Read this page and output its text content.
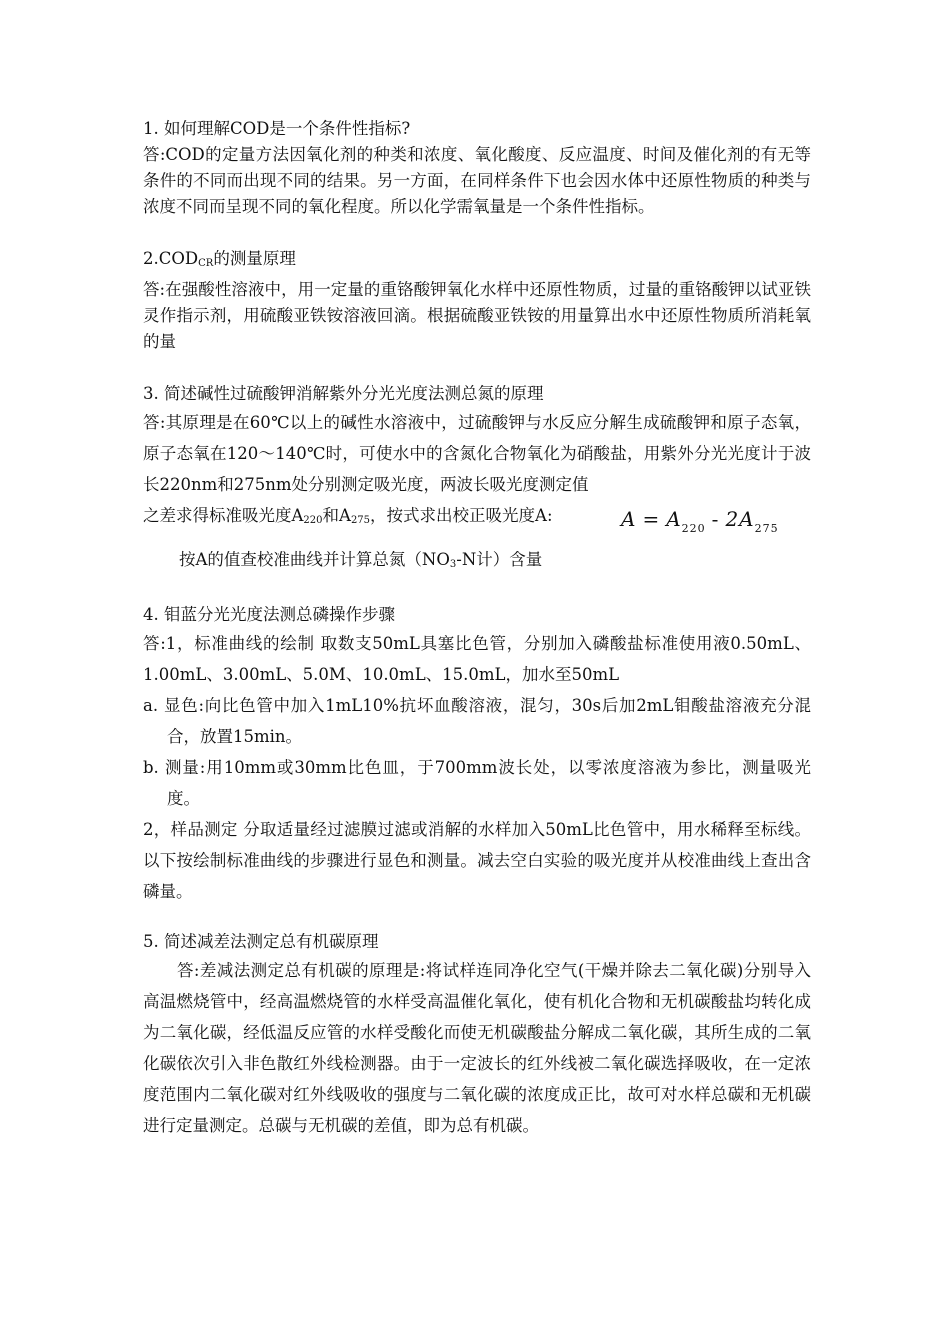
1. 如何理解COD是一个条件性指标?

答:COD的定量方法因氧化剂的种类和浓度、氧化酸度、反应温度、时间及催化剂的有无等条件的不同而出现不同的结果。另一方面，在同样条件下也会因水体中还原性物质的种类与浓度不同而呈现不同的氧化程度。所以化学需氧量是一个条件性指标。

$2.COD_{CR}$的测量原理

答:在强酸性溶液中，用一定量的重铬酸钾氧化水样中还原性物质，过量的重铬酸钾以试亚铁灵作指示剂，用硫酸亚铁铵溶液回滴。根据硫酸亚铁铵的用量算出水中还原性物质所消耗氧的量

3. 简述碱性过硫酸钾消解紫外分光光度法测总氮的原理

答:其原理是在60℃以上的碱性水溶液中，过硫酸钾与水反应分解生成硫酸钾和原子态氧，原子态氧在120～140℃时，可使水中的含氮化合物氧化为硝酸盐，用紫外分光光度计于波长220nm和275nm处分别测定吸光度，两波长吸光度测定值

之差求得标准吸光度$A_{220}$和$A_{275}$，按式求出校正吸光度A:	$A = A_{220} - 2A_{275}$

按A的值查校准曲线并计算总氮（$NO_3-N$计）含量

4. 钼蓝分光光度法测总磷操作步骤

答:1，标准曲线的绘制 取数支50mL具塞比色管，分别加入磷酸盐标准使用液0.50mL、1.00mL、3.00mL、5.0M、10.0mL、15.0mL，加水至50mL

a. 显色:向比色管中加入1mL10%抗坏血酸溶液，混匀，30s后加2mL钼酸盐溶液充分混合，放置15min。

b. 测量:用10mm或30mm比色皿，于700mm波长处，以零浓度溶液为参比，测量吸光度。

2，样品测定 分取适量经过滤膜过滤或消解的水样加入50mL比色管中，用水稀释至标线。以下按绘制标准曲线的步骤进行显色和测量。减去空白实验的吸光度并从校准曲线上查出含磷量。

5. 简述减差法测定总有机碳原理

答:差减法测定总有机碳的原理是:将试样连同净化空气(干燥并除去二氧化碳)分别导入高温燃烧管中，经高温燃烧管的水样受高温催化氧化，使有机化合物和无机碳酸盐均转化成为二氧化碳，经低温反应管的水样受酸化而使无机碳酸盐分解成二氧化碳，其所生成的二氧化碳依次引入非色散红外线检测器。由于一定波长的红外线被二氧化碳选择吸收，在一定浓度范围内二氧化碳对红外线吸收的强度与二氧化碳的浓度成正比，故可对水样总碳和无机碳进行定量测定。总碳与无机碳的差值，即为总有机碳。
